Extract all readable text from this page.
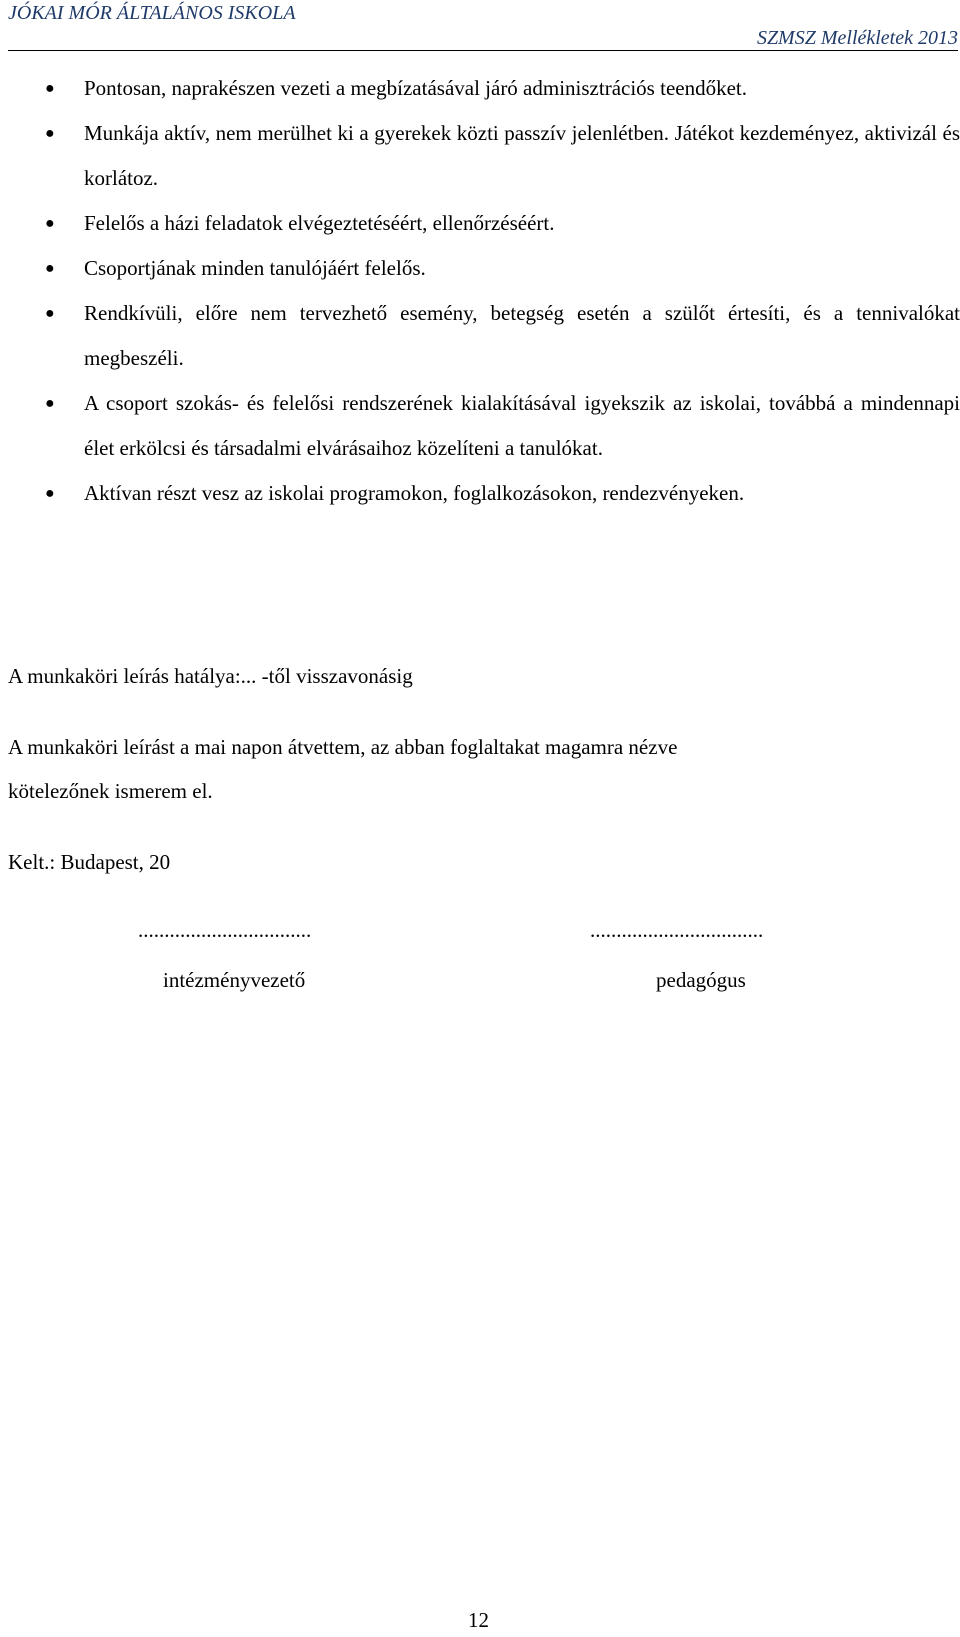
JÓKAI MÓR ÁLTALÁNOS ISKOLA
SZMSZ Mellékletek 2013
● Pontosan, naprakészen vezeti a megbízatásával járó adminisztrációs teendőket.
● Munkája aktív, nem merülhet ki a gyerekek közti passzív jelenlétben. Játékot kezdeményez, aktivizál és korlátoz.
● Felelős a házi feladatok elvégeztetéséért, ellenőrzéséért.
● Csoportjának minden tanulójáért felelős.
● Rendkívüli, előre nem tervezhető esemény, betegség esetén a szülőt értesíti, és a tennivalókat megbeszéli.
● A csoport szokás- és felelősi rendszerének kialakításával igyekszik az iskolai, továbbá a mindennapi élet erkölcsi és társadalmi elvárásaihoz közelíteni a tanulókat.
● Aktívan részt vesz az iskolai programokon, foglalkozásokon, rendezvényeken.
A munkaköri leírás hatálya:... -től visszavonásig
A munkaköri leírást a mai napon átvettem, az abban foglaltakat magamra nézve
kötelezőnek ismerem el.
Kelt.: Budapest, 20
.................................
intézményvezető
.................................
pedagógus
12
